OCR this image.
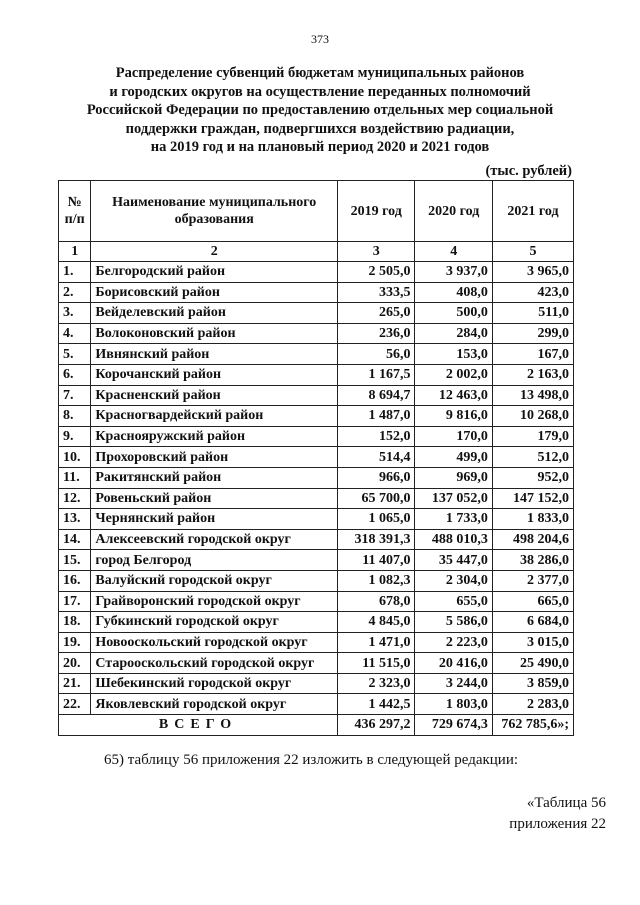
373
Распределение субвенций бюджетам муниципальных районов
и городских округов на осуществление переданных полномочий
Российской Федерации по предоставлению отдельных мер социальной
поддержки граждан, подвергшихся воздействию радиации,
на 2019 год и на плановый период 2020 и 2021 годов
(тыс. рублей)
№ п/п	Наименование муниципального образования	2019 год	2020 год	2021 год
1	2	3	4	5
1.	Белгородский район	2 505,0	3 937,0	3 965,0
2.	Борисовский район	333,5	408,0	423,0
3.	Вейделевский район	265,0	500,0	511,0
4.	Волоконовский район	236,0	284,0	299,0
5.	Ивнянский район	56,0	153,0	167,0
6.	Корочанский район	1 167,5	2 002,0	2 163,0
7.	Красненский район	8 694,7	12 463,0	13 498,0
8.	Красногвардейский район	1 487,0	9 816,0	10 268,0
9.	Краснояружский район	152,0	170,0	179,0
10.	Прохоровский район	514,4	499,0	512,0
11.	Ракитянский район	966,0	969,0	952,0
12.	Ровеньский район	65 700,0	137 052,0	147 152,0
13.	Чернянский район	1 065,0	1 733,0	1 833,0
14.	Алексеевский городской округ	318 391,3	488 010,3	498 204,6
15.	город Белгород	11 407,0	35 447,0	38 286,0
16.	Валуйский городской округ	1 082,3	2 304,0	2 377,0
17.	Грайворонский городской округ	678,0	655,0	665,0
18.	Губкинский городской округ	4 845,0	5 586,0	6 684,0
19.	Новооскольский городской округ	1 471,0	2 223,0	3 015,0
20.	Старооскольский городской округ	11 515,0	20 416,0	25 490,0
21.	Шебекинский городской округ	2 323,0	3 244,0	3 859,0
22.	Яковлевский городской округ	1 442,5	1 803,0	2 283,0
ВСЕГО		436 297,2	729 674,3	762 785,6»;
65) таблицу 56 приложения 22 изложить в следующей редакции:
«Таблица 56
приложения 22
